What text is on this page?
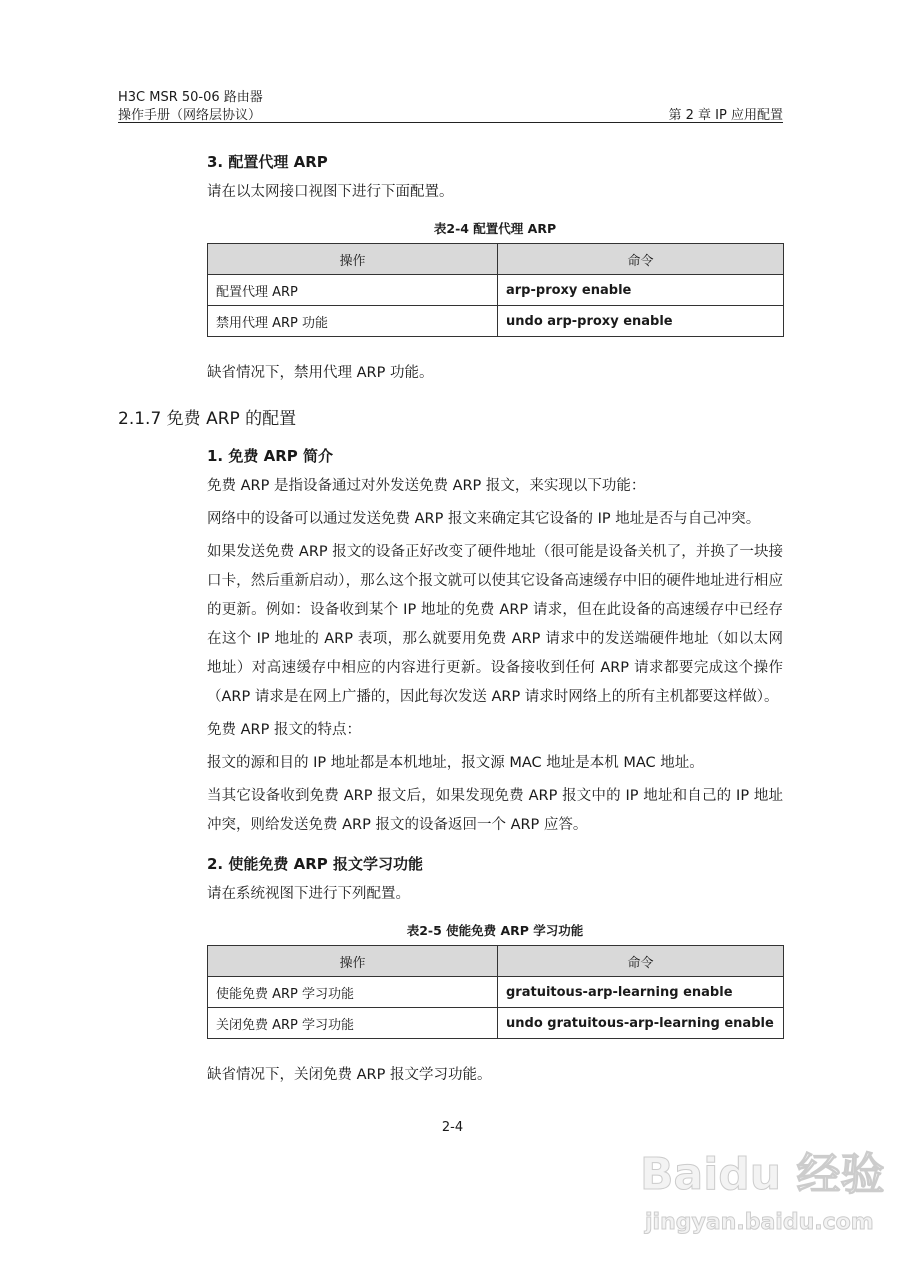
H3C MSR 50-06 路由器
操作手册（网络层协议）	第 2 章 IP 应用配置
3. 配置代理 ARP
请在以太网接口视图下进行下面配置。
表2-4 配置代理 ARP
操作	命令
配置代理 ARP	arp-proxy enable
禁用代理 ARP 功能	undo arp-proxy enable
缺省情况下，禁用代理 ARP 功能。
2.1.7 免费 ARP 的配置
1. 免费 ARP 简介
免费 ARP 是指设备通过对外发送免费 ARP 报文，来实现以下功能：
网络中的设备可以通过发送免费 ARP 报文来确定其它设备的 IP 地址是否与自己冲突。
如果发送免费 ARP 报文的设备正好改变了硬件地址（很可能是设备关机了，并换了一块接口卡，然后重新启动），那么这个报文就可以使其它设备高速缓存中旧的硬件地址进行相应的更新。例如：设备收到某个 IP 地址的免费 ARP 请求，但在此设备的高速缓存中已经存在这个 IP 地址的 ARP 表项，那么就要用免费 ARP 请求中的发送端硬件地址（如以太网地址）对高速缓存中相应的内容进行更新。设备接收到任何 ARP 请求都要完成这个操作（ARP 请求是在网上广播的，因此每次发送 ARP 请求时网络上的所有主机都要这样做）。
免费 ARP 报文的特点：
报文的源和目的 IP 地址都是本机地址，报文源 MAC 地址是本机 MAC 地址。
当其它设备收到免费 ARP 报文后，如果发现免费 ARP 报文中的 IP 地址和自己的 IP 地址冲突，则给发送免费 ARP 报文的设备返回一个 ARP 应答。
2. 使能免费 ARP 报文学习功能
请在系统视图下进行下列配置。
表2-5 使能免费 ARP 学习功能
操作	命令
使能免费 ARP 学习功能	gratuitous-arp-learning enable
关闭免费 ARP 学习功能	undo gratuitous-arp-learning enable
缺省情况下，关闭免费 ARP 报文学习功能。
2-4
Baidu 经验
jingyan.baidu.com
